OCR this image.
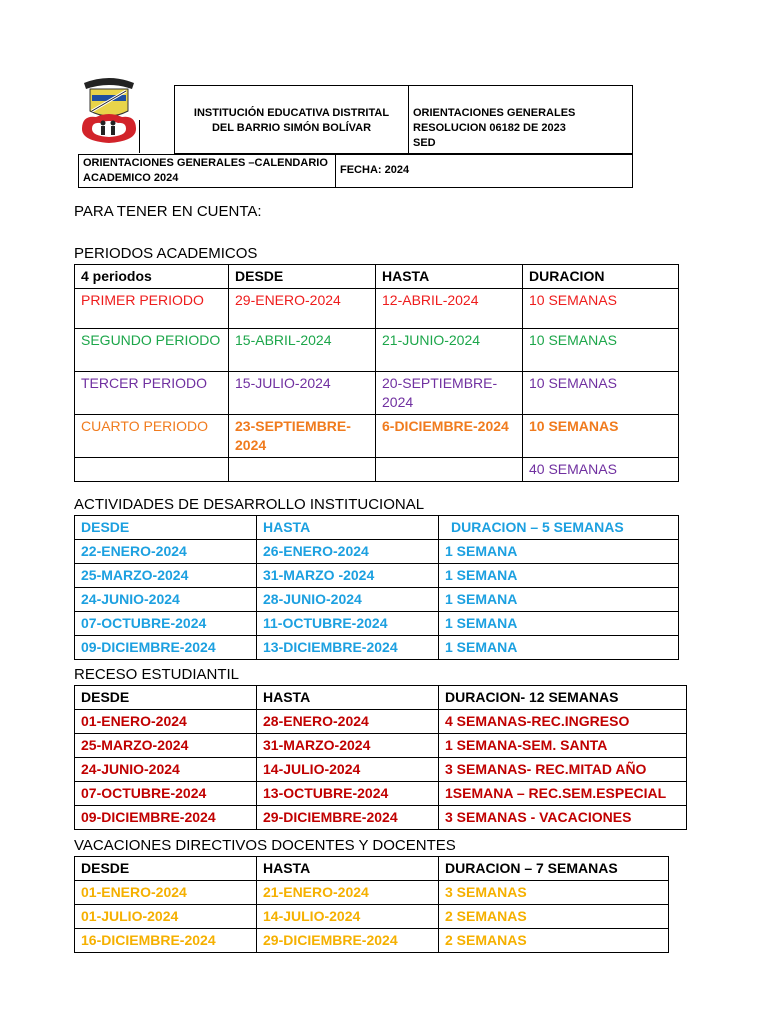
INSTITUCIÓN EDUCATIVA DISTRITAL DEL BARRIO SIMÓN BOLÍVAR	
ORIENTACIONES GENERALES
RESOLUCION 06182 DE 2023
SED
ORIENTACIONES GENERALES –CALENDARIO ACADEMICO 2024	FECHA: 2024
PARA TENER EN CUENTA:
PERIODOS ACADEMICOS
4 periodos	DESDE	HASTA	DURACION
PRIMER PERIODO	29-ENERO-2024	12-ABRIL-2024	10 SEMANAS
SEGUNDO PERIODO	15-ABRIL-2024	21-JUNIO-2024	10 SEMANAS
TERCER PERIODO	15-JULIO-2024	20-SEPTIEMBRE-2024	10 SEMANAS
CUARTO PERIODO	23-SEPTIEMBRE-2024	6-DICIEMBRE-2024	10 SEMANAS
			40 SEMANAS
ACTIVIDADES DE DESARROLLO INSTITUCIONAL
DESDE	HASTA	DURACION – 5 SEMANAS
22-ENERO-2024	26-ENERO-2024	1 SEMANA
25-MARZO-2024	31-MARZO -2024	1 SEMANA
24-JUNIO-2024	28-JUNIO-2024	1 SEMANA
07-OCTUBRE-2024	11-OCTUBRE-2024	1 SEMANA
09-DICIEMBRE-2024	13-DICIEMBRE-2024	1 SEMANA
RECESO ESTUDIANTIL
DESDE	HASTA	DURACION- 12 SEMANAS
01-ENERO-2024	28-ENERO-2024	4 SEMANAS-REC.INGRESO
25-MARZO-2024	31-MARZO-2024	1 SEMANA-SEM. SANTA
24-JUNIO-2024	14-JULIO-2024	3 SEMANAS- REC.MITAD AÑO
07-OCTUBRE-2024	13-OCTUBRE-2024	1SEMANA – REC.SEM.ESPECIAL
09-DICIEMBRE-2024	29-DICIEMBRE-2024	3 SEMANAS - VACACIONES
VACACIONES DIRECTIVOS DOCENTES Y DOCENTES
DESDE	HASTA	DURACION – 7 SEMANAS
01-ENERO-2024	21-ENERO-2024	3 SEMANAS
01-JULIO-2024	14-JULIO-2024	2 SEMANAS
16-DICIEMBRE-2024	29-DICIEMBRE-2024	2 SEMANAS
